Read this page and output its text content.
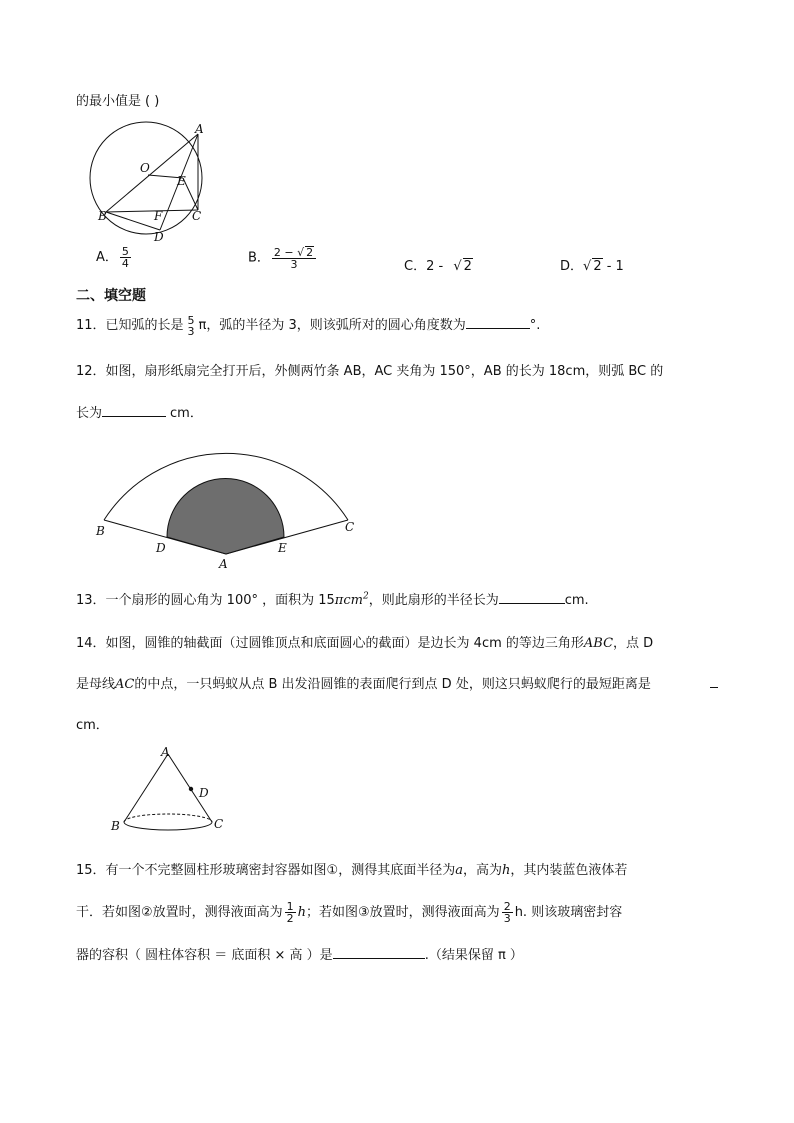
的最小值是 ( )
A
O
E
B	F C
D
A． $\frac{5}{4}$	B． $\frac{2 - √ 2}{3}$	C．2 - √ 2	D．√ 2 - 1
二、填空题
11．已知弧的长是 5
3 π，弧的半径为 3，则该弧所对的圆心角度数为	°.
12．如图，扇形纸扇完全打开后，外侧两竹条 AB，AC 夹角为 150°，AB 的长为 18cm，则弧 BC 的
长为	cm．
B
D
A
E
C
13．一个扇形的圆心角为 100° ，面积为 15πcm$^2$，则此扇形的半径长为	cm.
14．如图，圆锥的轴截面（过圆锥顶点和底面圆心的截面）是边长为 4cm 的等边三角形ABC，点 D
是母线AC的中点，一只蚂蚁从点 B 出发沿圆锥的表面爬行到点 D 处，则这只蚂蚁爬行的最短距离是
cm．
A
D
B	C
15．有一个不完整圆柱形玻璃密封容器如图①，测得其底面半径为a，高为h，其内装蓝色液体若
干．若如图②放置时，测得液面高为 $\frac{1}{2}$ h；若如图③放置时，测得液面高为 $\frac{2}{3} h$. 则该玻璃密封容
器的容积（ 圆柱体容积 ＝ 底面积 × 高 ）是	.（结果保留 π ）
